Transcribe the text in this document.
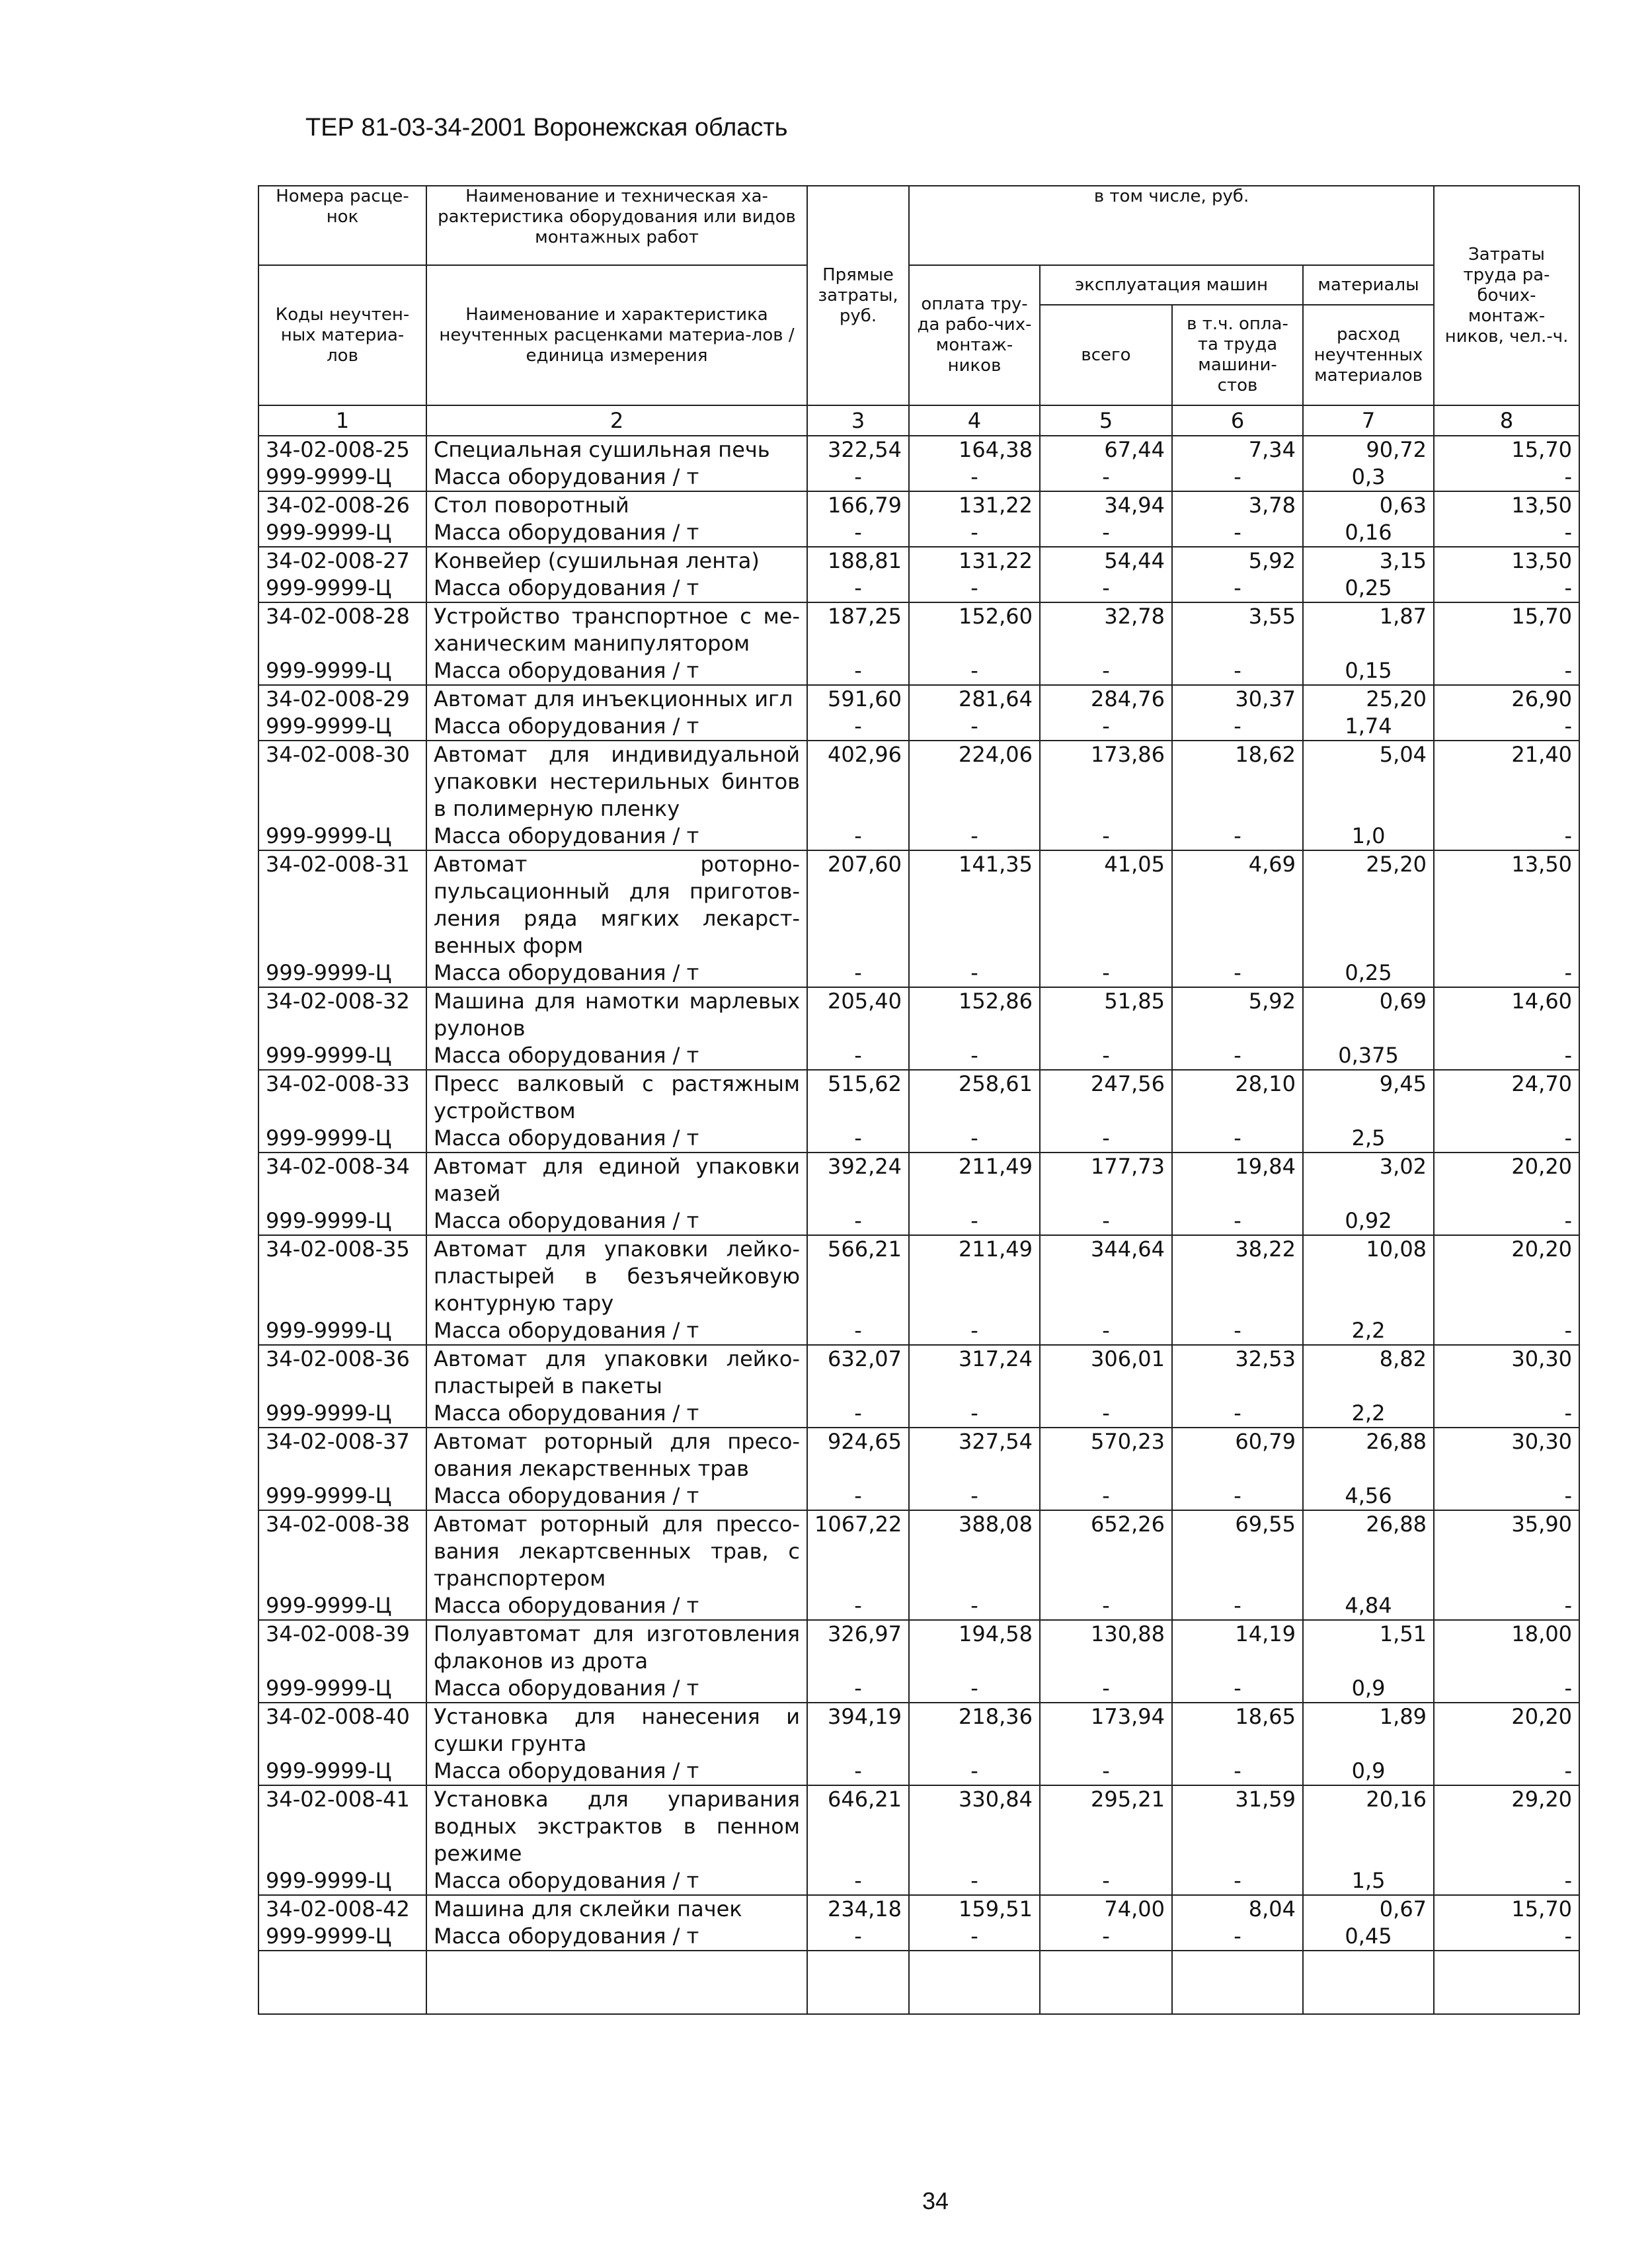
ТЕР 81-03-34-2001 Воронежская область
Номера расце-нок	Наименование и техническая ха-рактеристика оборудования или видов монтажных работ	Прямые затраты, руб.	в том числе, руб.				Затраты труда ра-бочих-монтаж-ников, чел.-ч.
Коды неучтен-ных материа-лов	Наименование и характеристика неучтенных расценками материа-лов / единица измерения		оплата тру-да рабо-чих-монтаж-ников	эксплуатация машин		материалы	
				всего	в т.ч. опла-та труда машини-стов	расход неучтенных материалов	
1	2	3	4	5	6	7	8
34-02-008-25	Специальная сушильная печь	322,54	164,38	67,44	7,34	90,72	15,70
999-9999-Ц	Масса оборудования / т	-	-	-	-	0,3	-
34-02-008-26	Стол поворотный	166,79	131,22	34,94	3,78	0,63	13,50
999-9999-Ц	Масса оборудования / т	-	-	-	-	0,16	-
34-02-008-27	Конвейер (сушильная лента)	188,81	131,22	54,44	5,92	3,15	13,50
999-9999-Ц	Масса оборудования / т	-	-	-	-	0,25	-
34-02-008-28	Устройство транспортное с ме-ханическим манипулятором	187,25	152,60	32,78	3,55	1,87	15,70
999-9999-Ц	Масса оборудования / т	-	-	-	-	0,15	-
34-02-008-29	Автомат для инъекционных игл	591,60	281,64	284,76	30,37	25,20	26,90
999-9999-Ц	Масса оборудования / т	-	-	-	-	1,74	-
34-02-008-30	Автомат для индивидуальной упаковки нестерильных бинтов в полимерную пленку	402,96	224,06	173,86	18,62	5,04	21,40
999-9999-Ц	Масса оборудования / т	-	-	-	-	1,0	-
34-02-008-31	Автомат роторно-пульсационный для приготов-ления ряда мягких лекарст-венных форм	207,60	141,35	41,05	4,69	25,20	13,50
999-9999-Ц	Масса оборудования / т	-	-	-	-	0,25	-
34-02-008-32	Машина для намотки марлевых рулонов	205,40	152,86	51,85	5,92	0,69	14,60
999-9999-Ц	Масса оборудования / т	-	-	-	-	0,375	-
34-02-008-33	Пресс валковый с растяжным устройством	515,62	258,61	247,56	28,10	9,45	24,70
999-9999-Ц	Масса оборудования / т	-	-	-	-	2,5	-
34-02-008-34	Автомат для единой упаковки мазей	392,24	211,49	177,73	19,84	3,02	20,20
999-9999-Ц	Масса оборудования / т	-	-	-	-	0,92	-
34-02-008-35	Автомат для упаковки лейко-пластырей в безъячейковую контурную тару	566,21	211,49	344,64	38,22	10,08	20,20
999-9999-Ц	Масса оборудования / т	-	-	-	-	2,2	-
34-02-008-36	Автомат для упаковки лейко-пластырей в пакеты	632,07	317,24	306,01	32,53	8,82	30,30
999-9999-Ц	Масса оборудования / т	-	-	-	-	2,2	-
34-02-008-37	Автомат роторный для пресо-ования лекарственных трав	924,65	327,54	570,23	60,79	26,88	30,30
999-9999-Ц	Масса оборудования / т	-	-	-	-	4,56	-
34-02-008-38	Автомат роторный для прессо-вания лекартсвенных трав, с транспортером	1067,22	388,08	652,26	69,55	26,88	35,90
999-9999-Ц	Масса оборудования / т	-	-	-	-	4,84	-
34-02-008-39	Полуавтомат для изготовления флаконов из дрота	326,97	194,58	130,88	14,19	1,51	18,00
999-9999-Ц	Масса оборудования / т	-	-	-	-	0,9	-
34-02-008-40	Установка для нанесения и сушки грунта	394,19	218,36	173,94	18,65	1,89	20,20
999-9999-Ц	Масса оборудования / т	-	-	-	-	0,9	-
34-02-008-41	Установка для упаривания водных экстрактов в пенном режиме	646,21	330,84	295,21	31,59	20,16	29,20
999-9999-Ц	Масса оборудования / т	-	-	-	-	1,5	-
34-02-008-42	Машина для склейки пачек	234,18	159,51	74,00	8,04	0,67	15,70
999-9999-Ц	Масса оборудования / т	-	-	-	-	0,45	-

34
